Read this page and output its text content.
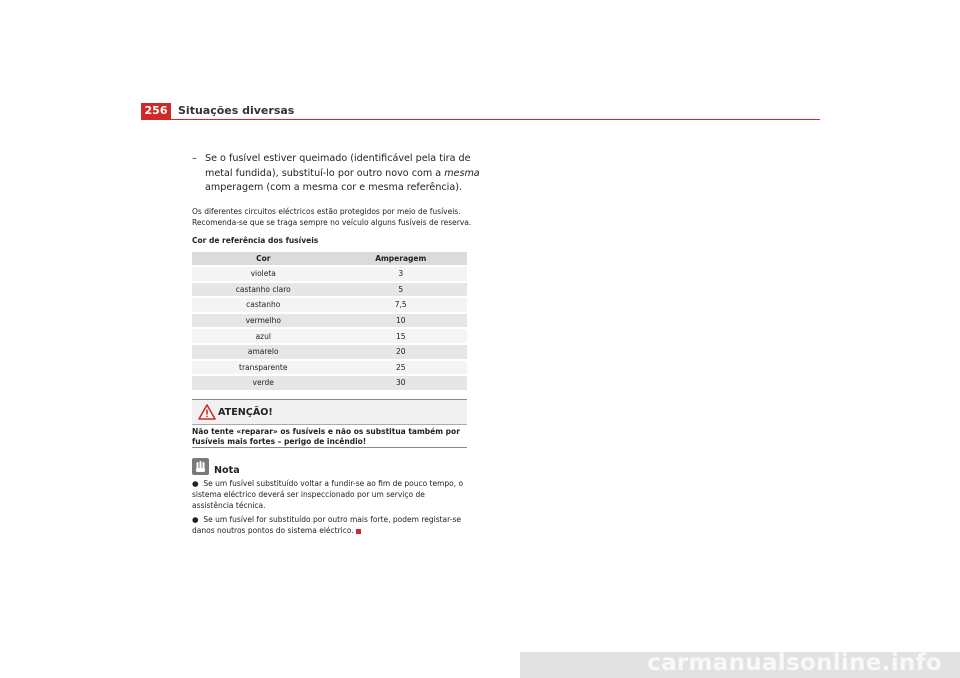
256 Situações diversas
– Se o fusível estiver queimado (identificável pela tira de metal fundida), substituí-lo por outro novo com a mesma amperagem (com a mesma cor e mesma referência).

Os diferentes circuitos eléctricos estão protegidos por meio de fusíveis. Recomenda-se que se traga sempre no veículo alguns fusíveis de reserva.

Cor de referência dos fusíveis
Cor	Amperagem
violeta	3
castanho claro	5
castanho	7,5
vermelho	10
azul	15
amarelo	20
transparente	25
verde	30
ATENÇÃO!
Não tente «reparar» os fusíveis e não os substitua também por fusíveis mais fortes – perigo de incêndio!
Nota
● Se um fusível substituído voltar a fundir-se ao fim de pouco tempo, o sistema eléctrico deverá ser inspeccionado por um serviço de assistência técnica.
● Se um fusível for substituído por outro mais forte, podem registar-se danos noutros pontos do sistema eléctrico.
carmanualsonline.info
